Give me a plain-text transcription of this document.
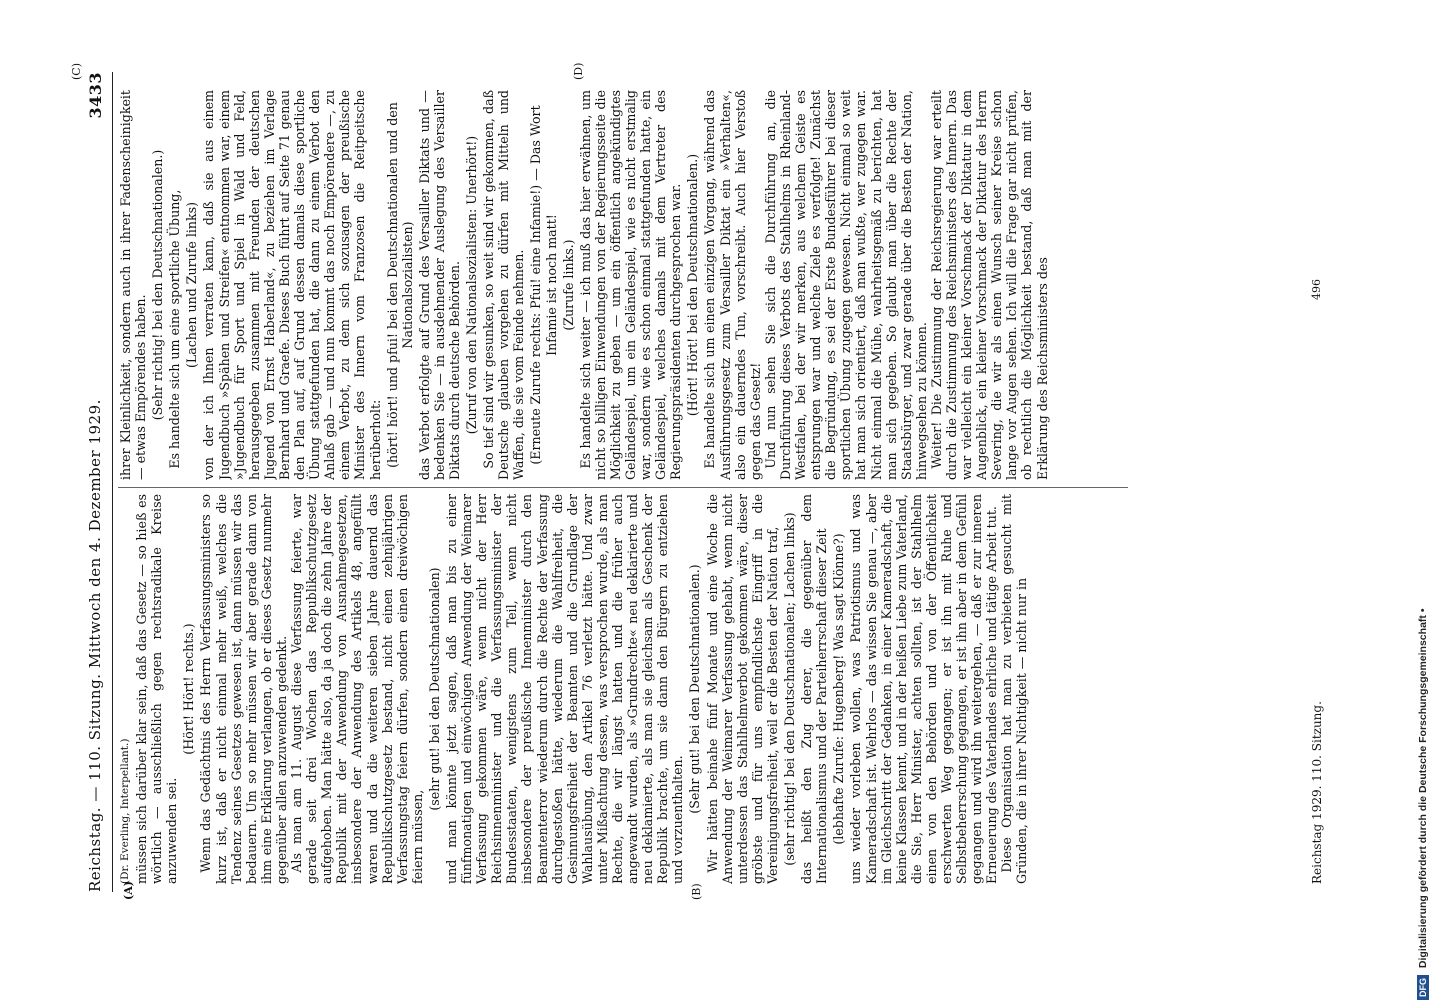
Reichstag. — 110. Sitzung. Mittwoch den 4. Dezember 1929.
3433
(A)	(B)
(C)	(D)
(Dr. Everling, Interpellant.) müssen sich darüber klar sein, daß das Gesetz — so hieß es wörtlich — ausschließlich gegen rechtsradikale Kreise anzuwenden sei.

(Hört! Hört! rechts.) Wenn das Gedächtnis des Herrn Verfassungsministers so kurz ist, daß er nicht einmal mehr weiß, welches die Tendenz seines Gesetzes gewesen ist, dann müssen wir das bedauern. Um so mehr müssen wir aber gerade dann von ihm eine Erklärung verlangen, ob er dieses Gesetz nunmehr gegenüber allen anzuwenden gedenkt. Als man am 11. August diese Verfassung feierte, war gerade seit drei Wochen das Republikschutzgesetz aufgehoben. Man hätte also, da ja doch die zehn Jahre der Republik mit der Anwendung von Ausnahmegesetzen, insbesondere der Anwendung des Artikels 48, angefüllt waren und da die weiteren sieben Jahre dauernd das Republikschutzgesetz bestand, nicht einen zehnjährigen Verfassungstag feiern dürfen, sondern einen dreiwöchigen feiern müssen,

(sehr gut! bei den Deutschnationalen) und man könnte jetzt sagen, daß man bis zu einer fünfmonatigen und einwöchigen Anwendung der Weimarer Verfassung gekommen wäre, wenn nicht der Herr Reichsinnenminister und die Verfassungsminister der Bundesstaaten, wenigstens zum Teil, wenn nicht insbesondere der preußische Innenminister durch den Beamtenterror wiederum durch die Rechte der Verfassung durchgestoßen hätte, wiederum die Wahlfreiheit, die Gesinnungsfreiheit der Beamten und die Grundlage der Wahlausübung, den Artikel 76 verletzt hätte. Und zwar unter Mißachtung dessen, was versprochen wurde, als man Rechte, die wir längst hatten und die früher auch angewandt wurden, als »Grundrechte« neu deklarierte und neu deklamierte, als man sie gleichsam als Geschenk der Republik brachte, um sie dann den Bürgern zu entziehen und vorzuenthalten.

(Sehr gut! bei den Deutschnationalen.) Wir hätten beinahe fünf Monate und eine Woche die Anwendung der Weimarer Verfassung gehabt, wenn nicht unterdessen das Stahlhelmverbot gekommen wäre, dieser gröbste und für uns empfindlichste Eingriff in die Vereinigungsfreiheit, weil er die Besten der Nation traf, (sehr richtig! bei den Deutschnationalen; Lachen links) das heißt den Zug derer, die gegenüber dem Internationalismus und der Parteiherrschaft dieser Zeit (lebhafte Zurufe: Hugenberg! Was sagt Klönne?) uns wieder vorleben wollen, was Patriotismus und was Kameradschaft ist. Wehrlos — das wissen Sie genau —, aber im Gleichschritt der Gedanken, in einer Kameradschaft, die keine Klassen kennt, und in der heißen Liebe zum Vaterland, die Sie, Herr Minister, achten sollten, ist der Stahlhelm einen von den Behörden und von der Öffentlichkeit erschwerten Weg gegangen; er ist ihn mit Ruhe und Selbstbeherrschung gegangen, er ist ihn aber in dem Gefühl gegangen und wird ihn weitergehen, — daß er zur inneren Erneuerung des Vaterlandes ehrliche und tätige Arbeit tut. Diese Organisation hat man zu verbieten gesucht mit Gründen, die in ihrer Nichtigkeit — nicht nur in

ihrer Kleinlichkeit, sondern auch in ihrer Fadenscheinigkeit — etwas Empörendes haben. (Sehr richtig! bei den Deutschnationalen.) Es handelte sich um eine sportliche Übung, (Lachen und Zurufe links) von der ich Ihnen verraten kann, daß sie aus einem Jugendbuch »Spähen und Streifen« entnommen war, einem »Jugendbuch für Sport und Spiel in Wald und Feld, herausgegeben zusammen mit Freunden der deutschen Jugend von Ernst Haberland«, zu beziehen im Verlage Bernhard und Graefe. Dieses Buch führt auf Seite 71 genau den Plan auf, auf Grund dessen damals diese sportliche Übung stattgefunden hat, die dann zu einem Verbot den Anlaß gab — und nun kommt das noch Empörendere —, zu einem Verbot, zu dem sich sozusagen der preußische Minister des Innern vom Franzosen die Reitpeitsche herüberholt: (hört! hört! und pfui! bei den Deutschnationalen und den Nationalsozialisten) das Verbot erfolgte auf Grund des Versailler Diktats und — bedenken Sie — in ausdehnender Auslegung des Versailler Diktats durch deutsche Behörden. (Zuruf von den Nationalsozialisten: Unerhört!) So tief sind wir gesunken, so weit sind wir gekommen, daß Deutsche glauben vorgehen zu dürfen mit Mitteln und Waffen, die sie vom Feinde nehmen. (Erneute Zurufe rechts: Pfui! eine Infamie!) — Das Wort Infamie ist noch matt! (Zurufe links.) Es handelte sich weiter — ich muß das hier erwähnen, um nicht so billigen Einwendungen von der Regierungsseite die Möglichkeit zu geben — um ein öffentlich angekündigtes Geländespiel, um ein Geländespiel, wie es nicht erstmalig war, sondern wie es schon einmal stattgefunden hatte, ein Geländespiel, welches damals mit dem Vertreter des Regierungspräsidenten durchgesprochen war. (Hört! Hört! bei den Deutschnationalen.) Es handelte sich um einen einzigen Vorgang, während das Ausführungsgesetz zum Versailler Diktat ein »Verhalten«, also ein dauerndes Tun, vorschreibt. Auch hier Verstoß gegen das Gesetz! Und nun sehen Sie sich die Durchführung an, die Durchführung dieses Verbots des Stahlhelms in Rheinland-Westfalen, bei der wir merken, aus welchem Geiste es entsprungen war und welche Ziele es verfolgte! Zunächst die Begründung, es sei der Erste Bundesführer bei dieser sportlichen Übung zugegen gewesen. Nicht einmal so weit hat man sich orientiert, daß man wußte, wer zugegen war. Nicht einmal die Mühe, wahrheitsgemäß zu berichten, hat man sich gegeben. So glaubt man über die Rechte der Staatsbürger, und zwar gerade über die Besten der Nation, hinwegsehen zu können. Weiter! Die Zustimmung der Reichsregierung war erteilt durch die Zustimmung des Reichsministers des Innern. Das war vielleicht ein kleiner Vorschmack der Diktatur in dem Augenblick, ein kleiner Vorschmack der Diktatur des Herrn Severing, die wir als einen Wunsch seiner Kreise schon lange vor Augen sehen. Ich will die Frage gar nicht prüfen, ob rechtlich die Möglichkeit bestand, daß man mit der Erklärung des Reichsministers des

Reichstag 1929. 110. Sitzung.
496
DFG Digitalisierung gefördert durch die Deutsche Forschungsgemeinschaft •
